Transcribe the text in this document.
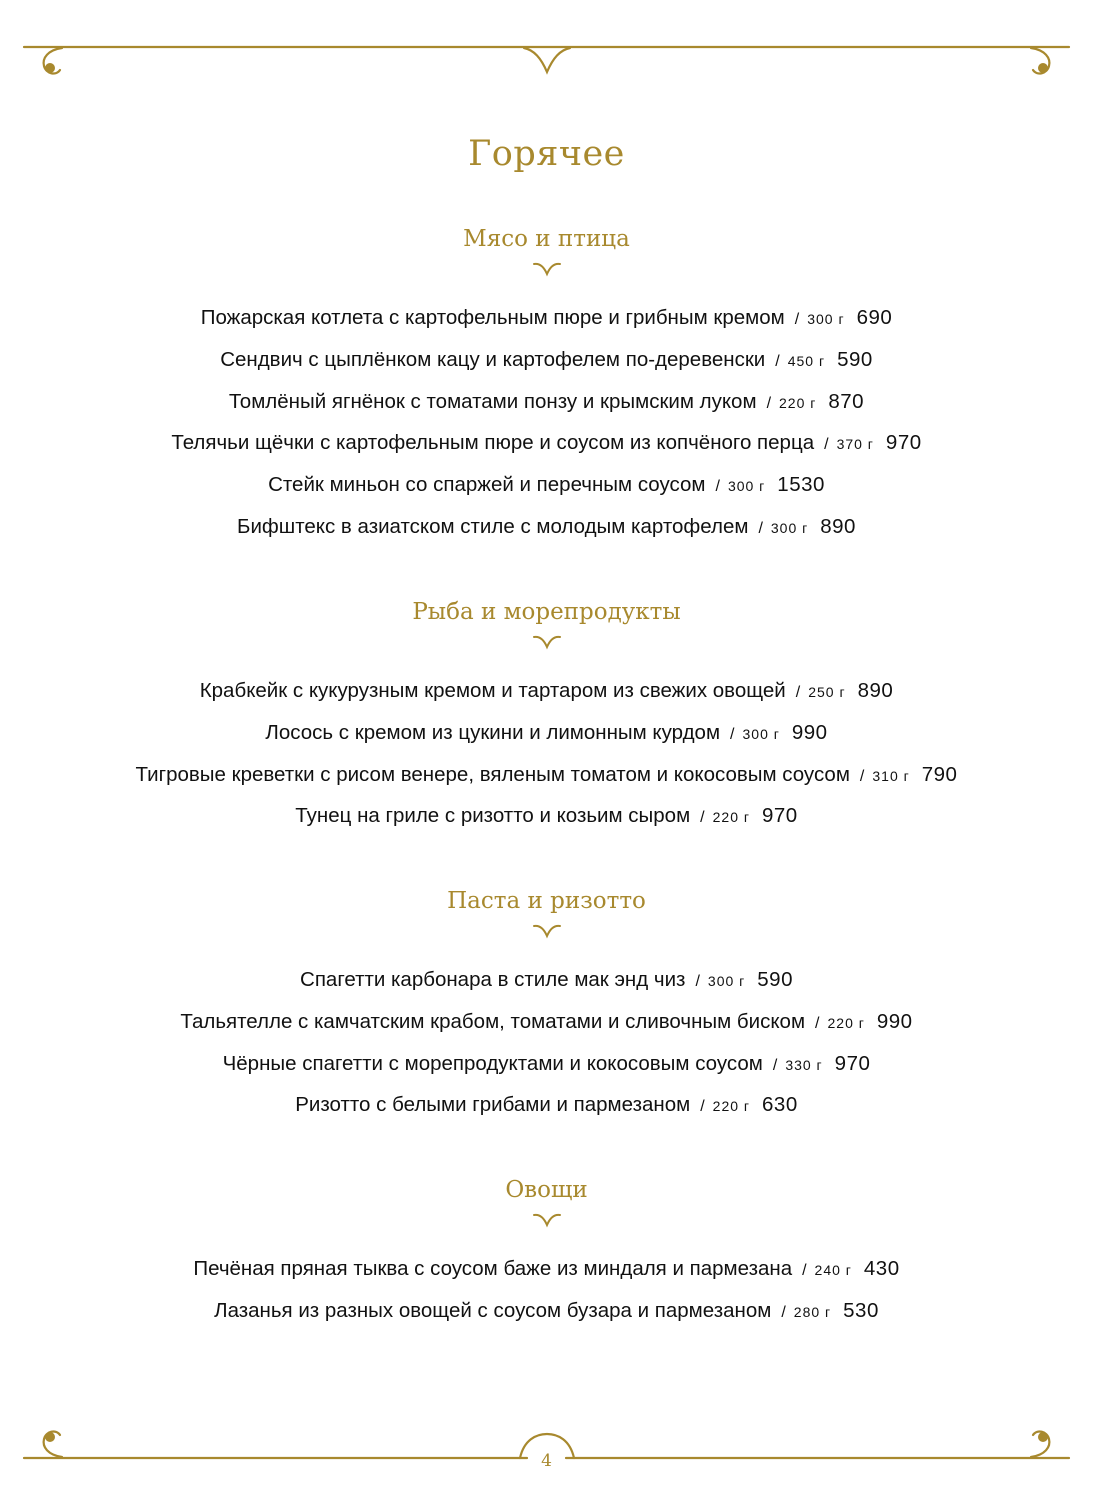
Горячее
Мясо и птица
Пожарская котлета с картофельным пюре и грибным кремом / 300 г 690
Сендвич с цыплёнком кацу и картофелем по-деревенски / 450 г 590
Томлёный ягнёнок с томатами понзу и крымским луком / 220 г 870
Телячьи щёчки с картофельным пюре и соусом из копчёного перца / 370 г 970
Стейк миньон со спаржей и перечным соусом / 300 г 1530
Бифштекс в азиатском стиле с молодым картофелем / 300 г 890
Рыба и морепродукты
Крабкейк с кукурузным кремом и тартаром из свежих овощей / 250 г 890
Лосось с кремом из цукини и лимонным курдом / 300 г 990
Тигровые креветки с рисом венере, вяленым томатом и кокосовым соусом / 310 г 790
Тунец на гриле с ризотто и козьим сыром / 220 г 970
Паста и ризотто
Спагетти карбонара в стиле мак энд чиз / 300 г 590
Тальятелле с камчатским крабом, томатами и сливочным биском / 220 г 990
Чёрные спагетти с морепродуктами и кокосовым соусом / 330 г 970
Ризотто с белыми грибами и пармезаном / 220 г 630
Овощи
Печёная пряная тыква с соусом баже из миндаля и пармезана / 240 г 430
Лазанья из разных овощей с соусом бузара и пармезаном / 280 г 530
4
